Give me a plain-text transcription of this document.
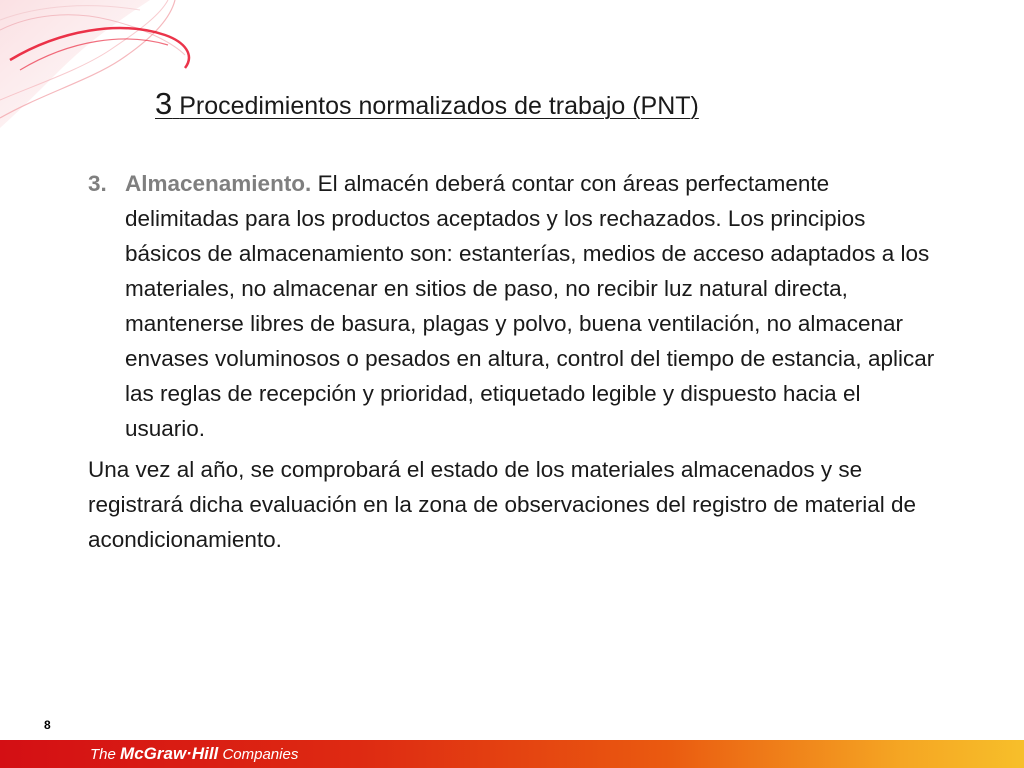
3 Procedimientos normalizados de trabajo (PNT)
3. Almacenamiento. El almacén deberá contar con áreas perfectamente delimitadas para los productos aceptados y los rechazados. Los principios básicos de almacenamiento son: estanterías, medios de acceso adaptados a los materiales, no almacenar en sitios de paso, no recibir luz natural directa, mantenerse libres de basura, plagas y polvo, buena ventilación, no almacenar envases voluminosos o pesados en altura, control del tiempo de estancia, aplicar las reglas de recepción y prioridad, etiquetado legible y dispuesto hacia el usuario.
Una vez al año, se comprobará el estado de los materiales almacenados y se registrará dicha evaluación en la zona de observaciones del registro de material de acondicionamiento.
8
The McGraw·Hill Companies
